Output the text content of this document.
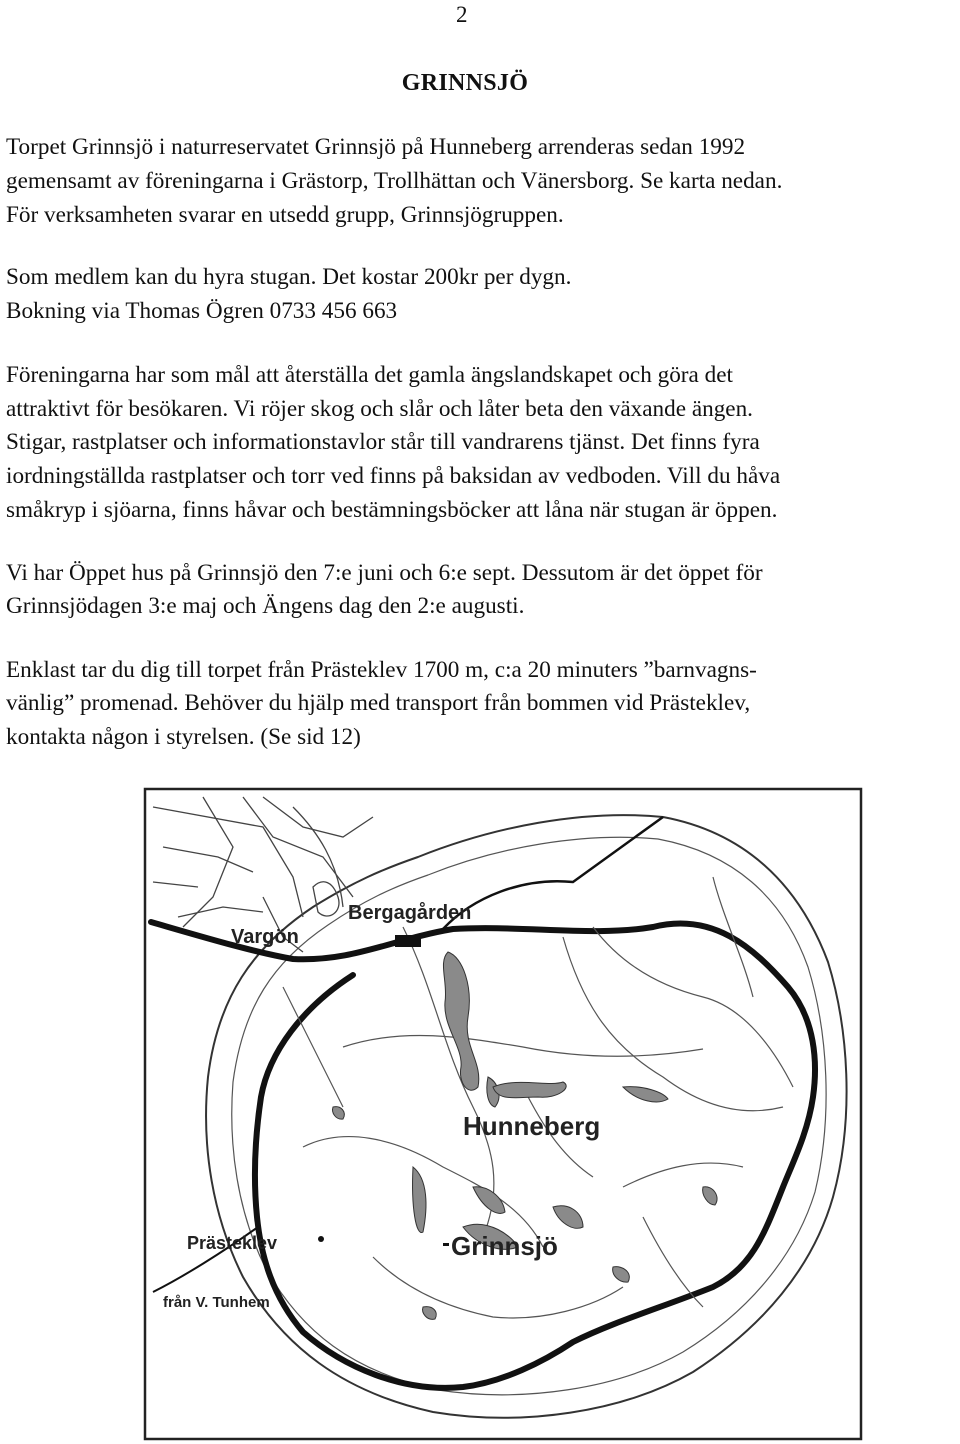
2
GRINNSJÖ
Torpet Grinnsjö i naturreservatet Grinnsjö på Hunneberg arrenderas sedan 1992
gemensamt av föreningarna i Grästorp, Trollhättan och Vänersborg. Se karta nedan.
För verksamheten svarar en utsedd grupp, Grinnsjögruppen.
Som medlem kan du hyra stugan. Det kostar 200kr per dygn.
Bokning via Thomas Ögren 0733 456 663
Föreningarna har som mål att återställa det gamla ängslandskapet och göra det
attraktivt för besökaren. Vi röjer skog och slår och låter beta den växande ängen.
Stigar, rastplatser och informationstavlor står till vandrarens tjänst. Det finns fyra
iordningställda rastplatser och torr ved finns på baksidan av vedboden. Vill du håva
småkryp i sjöarna, finns håvar och bestämningsböcker att låna när stugan är öppen.
Vi har Öppet hus på Grinnsjö den 7:e juni och 6:e sept. Dessutom är det öppet för
Grinnsjödagen 3:e maj och Ängens dag den 2:e augusti.
Enklast tar du dig till torpet från Prästeklev 1700 m, c:a 20 minuters ”barnvagns-
vänlig” promenad. Behöver du hjälp med transport från bommen vid Prästeklev,
kontakta någon i styrelsen. (Se sid 12)
Bergagården
Vargön
Hunneberg
Prästeklev	Grinnsjö
från V. Tunhem
